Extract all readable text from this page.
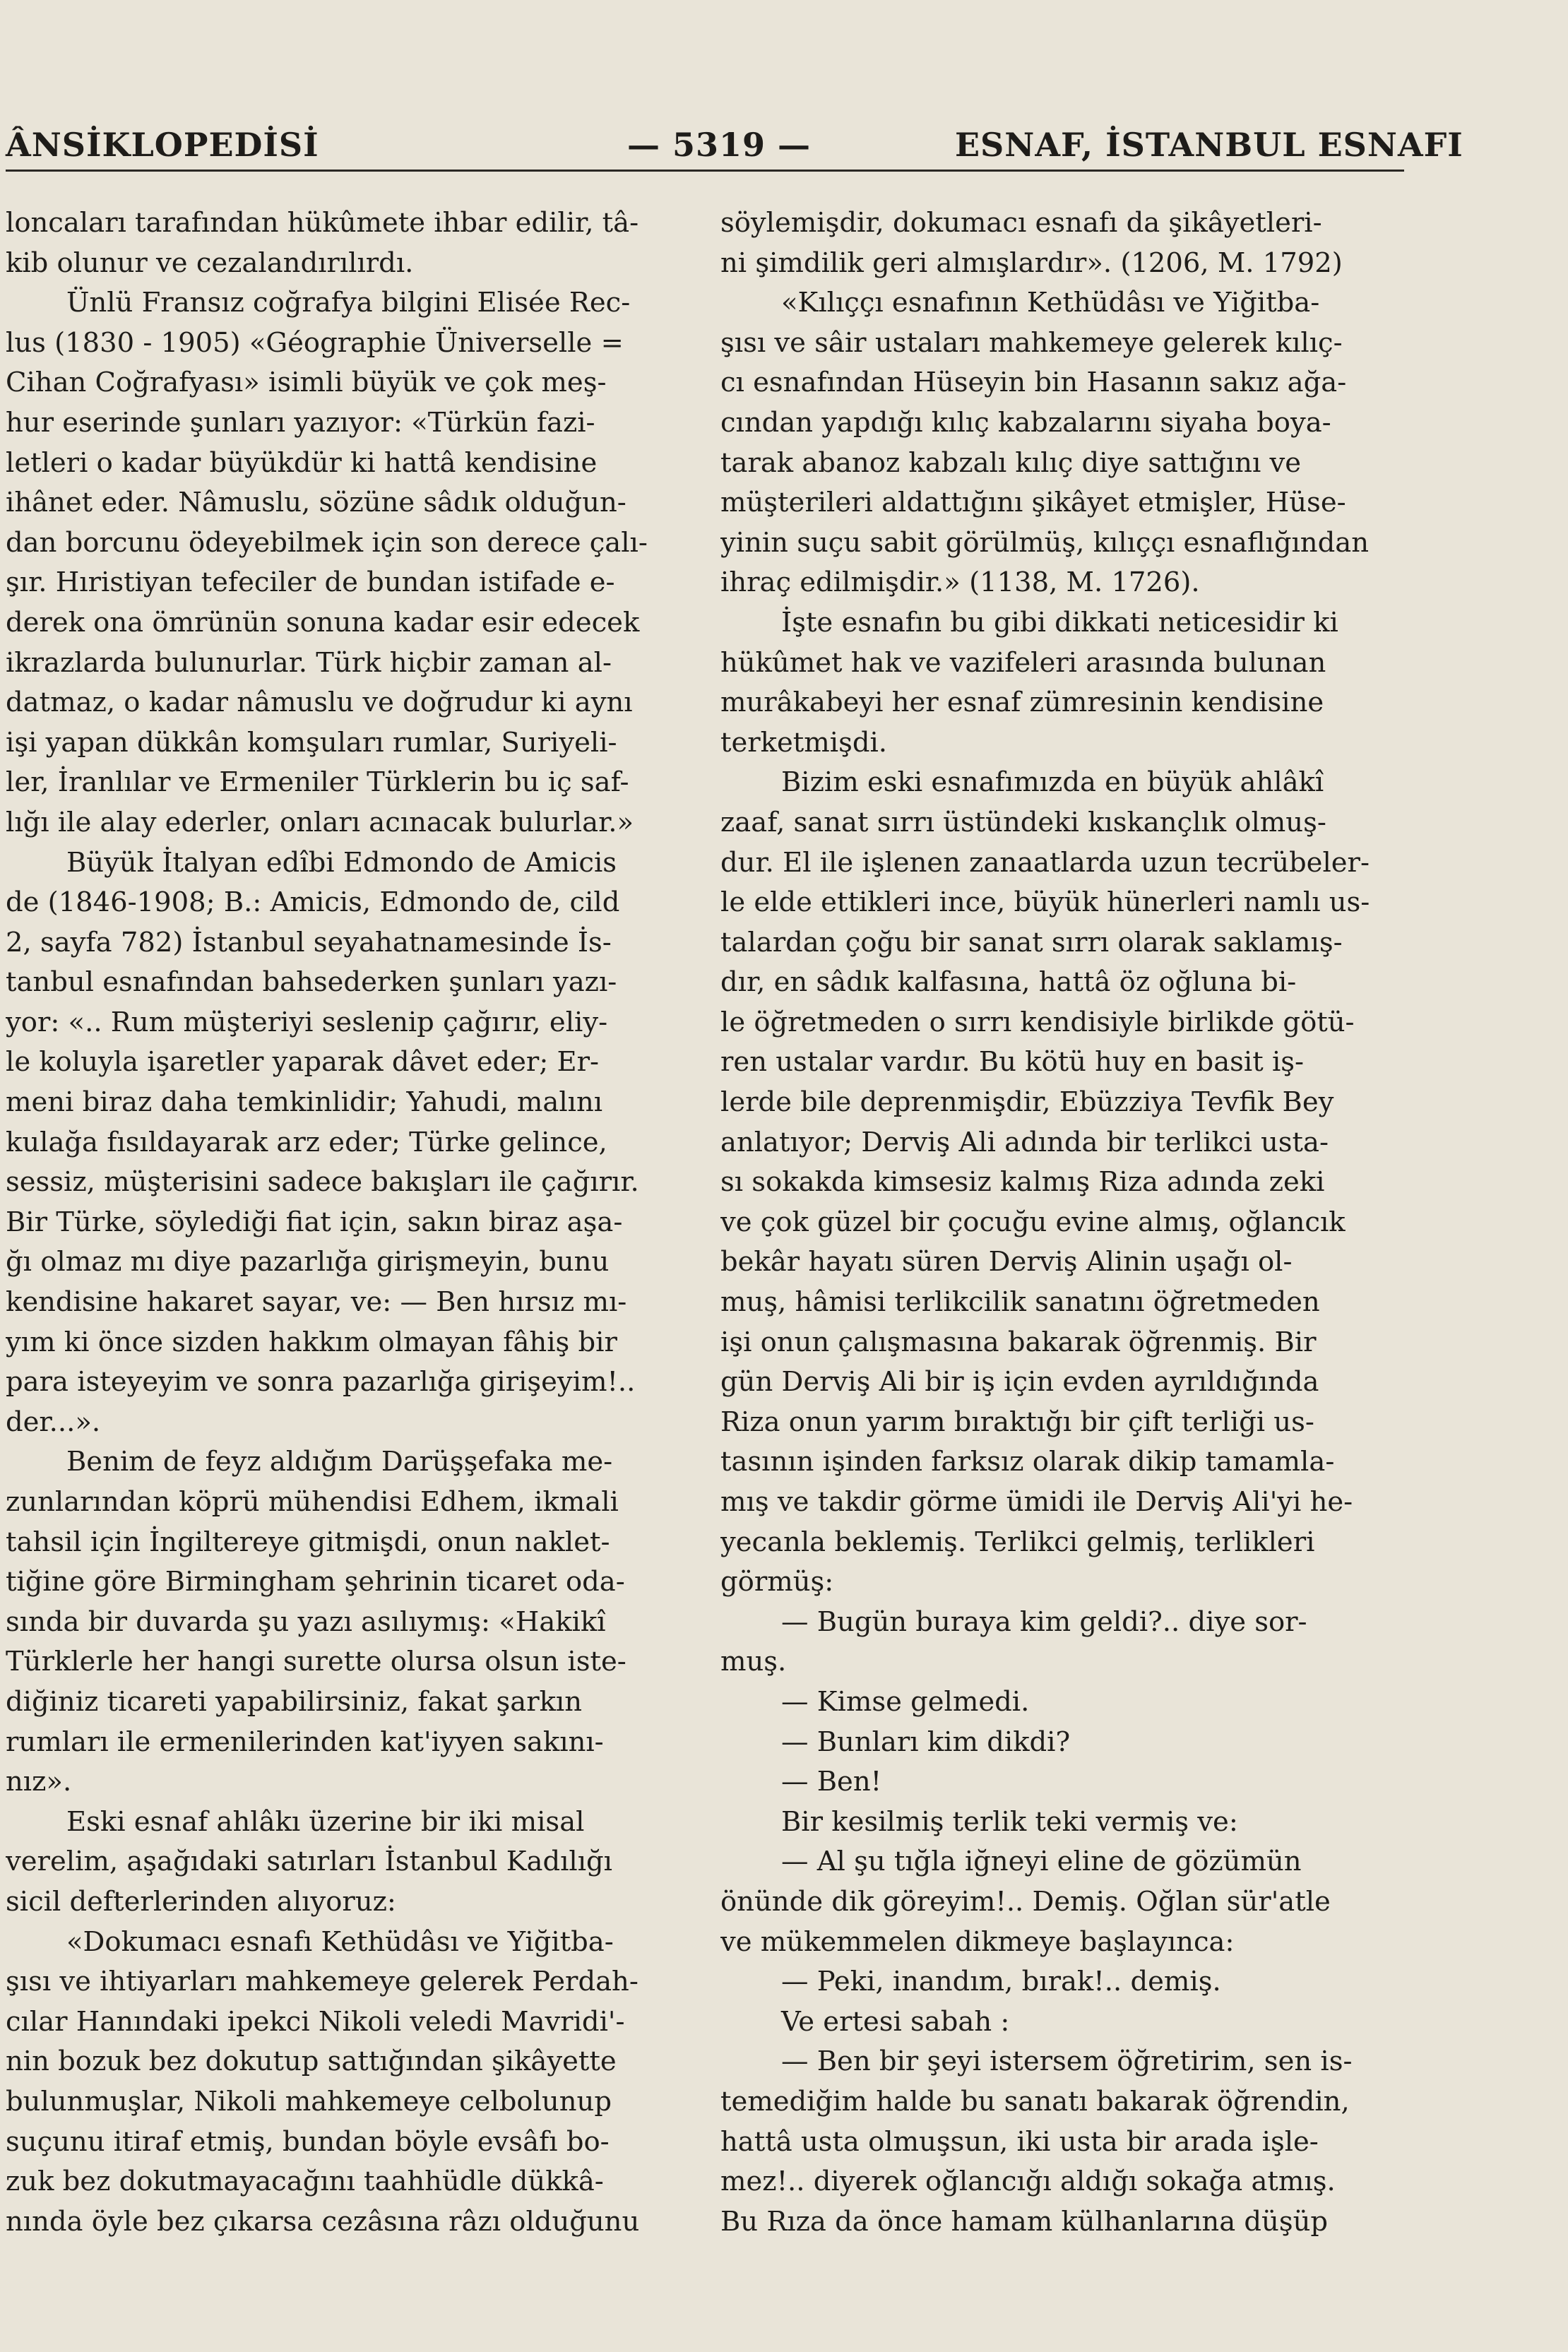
ÂNSİKLOPEDİSİ	— 5319 —	ESNAF, İSTANBUL ESNAFI
loncaları tarafından hükûmete ihbar edilir, tâ-
kib olunur ve cezalandırılırdı.
Ünlü Fransız coğrafya bilgini Elisée Rec-
lus (1830 - 1905) «Géographie Üniverselle =
Cihan Coğrafyası» isimli büyük ve çok meş-
hur eserinde şunları yazıyor: «Türkün fazi-
letleri o kadar büyükdür ki hattâ kendisine
ihânet eder. Nâmuslu, sözüne sâdık olduğun-
dan borcunu ödeyebilmek için son derece çalı-
şır. Hıristiyan tefeciler de bundan istifade e-
derek ona ömrünün sonuna kadar esir edecek
ikrazlarda bulunurlar. Türk hiçbir zaman al-
datmaz, o kadar nâmuslu ve doğrudur ki aynı
işi yapan dükkân komşuları rumlar, Suriyeli-
ler, İranlılar ve Ermeniler Türklerin bu iç saf-
lığı ile alay ederler, onları acınacak bulurlar.»
Büyük İtalyan edîbi Edmondo de Amicis
de (1846-1908; B.: Amicis, Edmondo de, cild
2, sayfa 782) İstanbul seyahatnamesinde İs-
tanbul esnafından bahsederken şunları yazı-
yor: «.. Rum müşteriyi seslenip çağırır, eliy-
le koluyla işaretler yaparak dâvet eder; Er-
meni biraz daha temkinlidir; Yahudi, malını
kulağa fısıldayarak arz eder; Türke gelince,
sessiz, müşterisini sadece bakışları ile çağırır.
Bir Türke, söylediği fiat için, sakın biraz aşa-
ğı olmaz mı diye pazarlığa girişmeyin, bunu
kendisine hakaret sayar, ve: — Ben hırsız mı-
yım ki önce sizden hakkım olmayan fâhiş bir
para isteyeyim ve sonra pazarlığa girişeyim!..
der...».
Benim de feyz aldığım Darüşşefaka me-
zunlarından köprü mühendisi Edhem, ikmali
tahsil için İngiltereye gitmişdi, onun naklet-
tiğine göre Birmingham şehrinin ticaret oda-
sında bir duvarda şu yazı asılıymış: «Hakikî
Türklerle her hangi surette olursa olsun iste-
diğiniz ticareti yapabilirsiniz, fakat şarkın
rumları ile ermenilerinden kat'iyyen sakını-
nız».
Eski esnaf ahlâkı üzerine bir iki misal
verelim, aşağıdaki satırları İstanbul Kadılığı
sicil defterlerinden alıyoruz:
«Dokumacı esnafı Kethüdâsı ve Yiğitba-
şısı ve ihtiyarları mahkemeye gelerek Perdah-
cılar Hanındaki ipekci Nikoli veledi Mavridi'-
nin bozuk bez dokutup sattığından şikâyette
bulunmuşlar, Nikoli mahkemeye celbolunup
suçunu itiraf etmiş, bundan böyle evsâfı bo-
zuk bez dokutmayacağını taahhüdle dükkâ-
nında öyle bez çıkarsa cezâsına râzı olduğunu
söylemişdir, dokumacı esnafı da şikâyetleri-
ni şimdilik geri almışlardır». (1206, M. 1792)
«Kılıççı esnafının Kethüdâsı ve Yiğitba-
şısı ve sâir ustaları mahkemeye gelerek kılıç-
cı esnafından Hüseyin bin Hasanın sakız ağa-
cından yapdığı kılıç kabzalarını siyaha boya-
tarak abanoz kabzalı kılıç diye sattığını ve
müşterileri aldattığını şikâyet etmişler, Hüse-
yinin suçu sabit görülmüş, kılıççı esnaflığından
ihraç edilmişdir.» (1138, M. 1726).
İşte esnafın bu gibi dikkati neticesidir ki
hükûmet hak ve vazifeleri arasında bulunan
murâkabeyi her esnaf zümresinin kendisine
terketmişdi.
Bizim eski esnafımızda en büyük ahlâkî
zaaf, sanat sırrı üstündeki kıskançlık olmuş-
dur. El ile işlenen zanaatlarda uzun tecrübeler-
le elde ettikleri ince, büyük hünerleri namlı us-
talardan çoğu bir sanat sırrı olarak saklamış-
dır, en sâdık kalfasına, hattâ öz oğluna bi-
le öğretmeden o sırrı kendisiyle birlikde götü-
ren ustalar vardır. Bu kötü huy en basit iş-
lerde bile deprenmişdir, Ebüzziya Tevfik Bey
anlatıyor; Derviş Ali adında bir terlikci usta-
sı sokakda kimsesiz kalmış Riza adında zeki
ve çok güzel bir çocuğu evine almış, oğlancık
bekâr hayatı süren Derviş Alinin uşağı ol-
muş, hâmisi terlikcilik sanatını öğretmeden
işi onun çalışmasına bakarak öğrenmiş. Bir
gün Derviş Ali bir iş için evden ayrıldığında
Riza onun yarım bıraktığı bir çift terliği us-
tasının işinden farksız olarak dikip tamamla-
mış ve takdir görme ümidi ile Derviş Ali'yi he-
yecanla beklemiş. Terlikci gelmiş, terlikleri
görmüş:
— Bugün buraya kim geldi?.. diye sor-
muş.
— Kimse gelmedi.
— Bunları kim dikdi?
— Ben!
Bir kesilmiş terlik teki vermiş ve:
— Al şu tığla iğneyi eline de gözümün
önünde dik göreyim!.. Demiş. Oğlan sür'atle
ve mükemmelen dikmeye başlayınca:
— Peki, inandım, bırak!.. demiş.
Ve ertesi sabah :
— Ben bir şeyi istersem öğretirim, sen is-
temediğim halde bu sanatı bakarak öğrendin,
hattâ usta olmuşsun, iki usta bir arada işle-
mez!.. diyerek oğlancığı aldığı sokağa atmış.
Bu Rıza da önce hamam külhanlarına düşüp
